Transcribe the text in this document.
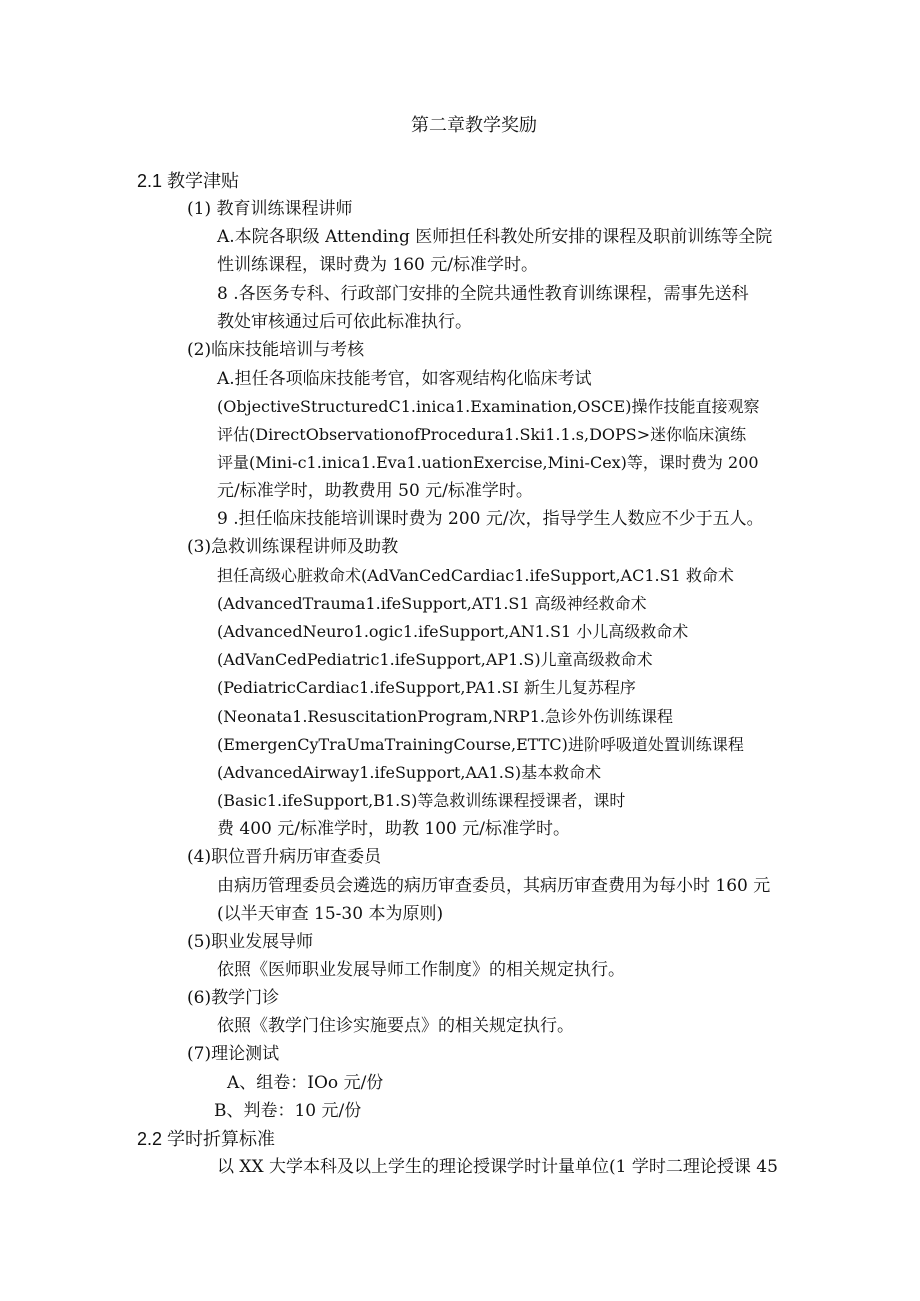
第二章教学奖励
2.1 教学津贴
(1) 教育训练课程讲师
A.本院各职级 Attending 医师担任科教处所安排的课程及职前训练等全院
性训练课程，课时费为 160 元/标准学时。
8 .各医务专科、行政部门安排的全院共通性教育训练课程，需事先送科
教处审核通过后可依此标准执行。
(2)临床技能培训与考核
A.担任各项临床技能考官，如客观结构化临床考试
(ObjectiveStructuredC1.inica1.Examination,OSCE)操作技能直接观察
评估(DirectObservationofProcedura1.Ski1.1.s,DOPS>迷你临床演练
评量(Mini-c1.inica1.Eva1.uationExercise,Mini-Cex)等，课时费为 200
元/标准学时，助教费用 50 元/标准学时。
9 .担任临床技能培训课时费为 200 元/次，指导学生人数应不少于五人。
(3)急救训练课程讲师及助教
担任高级心脏救命术(AdVanCedCardiac1.ifeSupport,AC1.S1 救命术
(AdvancedTrauma1.ifeSupport,AT1.S1 高级神经救命术
(AdvancedNeuro1.ogic1.ifeSupport,AN1.S1 小儿高级救命术
(AdVanCedPediatric1.ifeSupport,AP1.S)儿童高级救命术
(PediatricCardiac1.ifeSupport,PA1.SI 新生儿复苏程序
(Neonata1.ResuscitationProgram,NRP1.急诊外伤训练课程
(EmergenCyTraUmaTrainingCourse,ETTC)进阶呼吸道处置训练课程
(AdvancedAirway1.ifeSupport,AA1.S)基本救命术
(Basic1.ifeSupport,B1.S)等急救训练课程授课者，课时
费 400 元/标准学时，助教 100 元/标准学时。
(4)职位晋升病历审查委员
由病历管理委员会遴选的病历审查委员，其病历审查费用为每小时 160 元
(以半天审查 15-30 本为原则)
(5)职业发展导师
依照《医师职业发展导师工作制度》的相关规定执行。
(6)教学门诊
依照《教学门住诊实施要点》的相关规定执行。
(7)理论测试
A、组卷：IOo 元/份
B、判卷：10 元/份
2.2 学时折算标准
以 XX 大学本科及以上学生的理论授课学时计量单位(1 学时二理论授课 45
